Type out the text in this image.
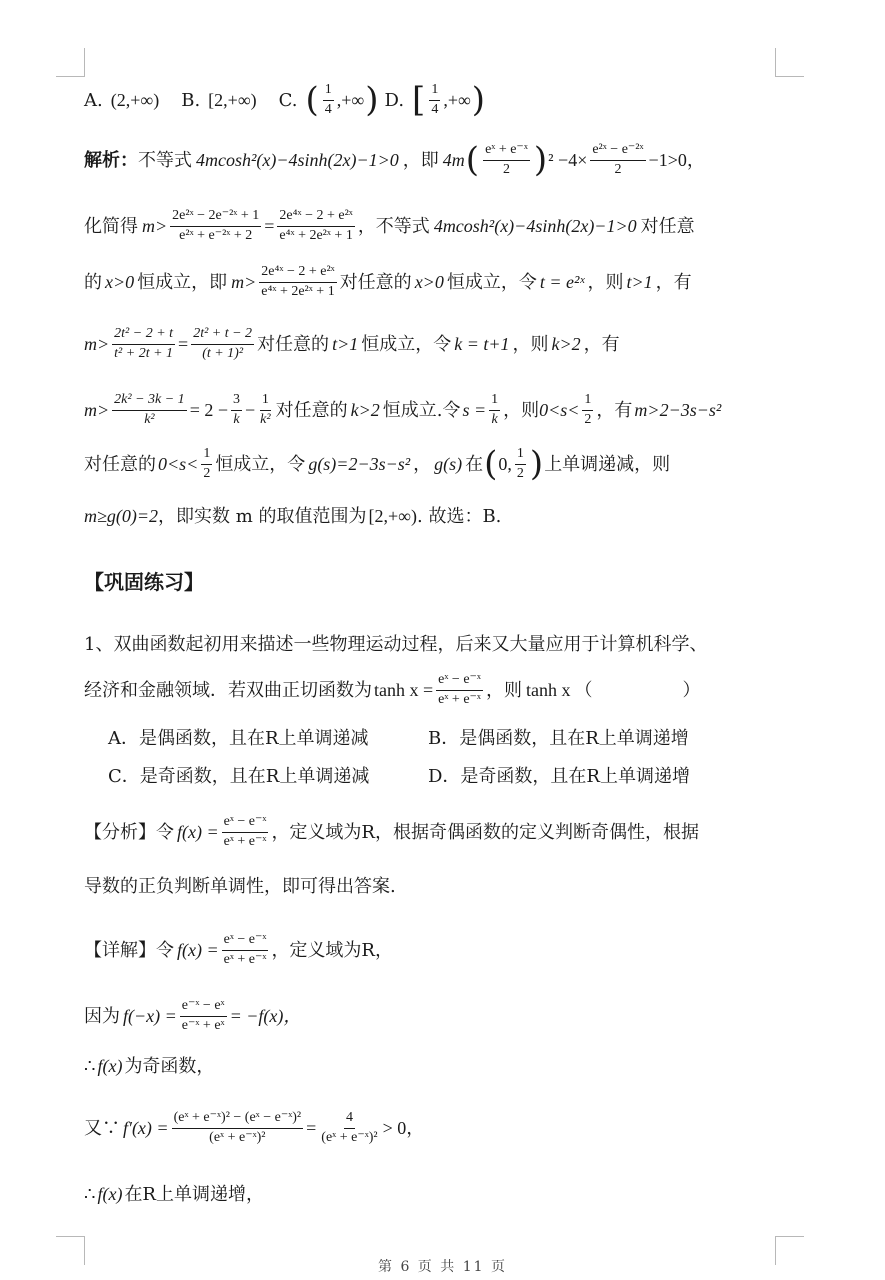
A. (2,+∞) B. [2,+∞) C. ( $\frac{1}{4}$ ,+∞ ) D. [ $\frac{1}{4}$ ,+∞ )
解析： 不等式 4mcosh²(x)−4sinh(2x)−1>0 ，即 4m ( $\frac{\text{eˣ + e⁻ˣ}}{2}$ ) $^2 -4\times \frac{\text{e²ˣ − e⁻²ˣ}}{2} -1>0$，
化简得 $m> \frac{\text{2e²ˣ − 2e⁻²ˣ + 1}}{\text{e²ˣ + e⁻²ˣ + 2}} = \frac{\text{2e⁴ˣ − 2 + e²ˣ}}{\text{e⁴ˣ + 2e²ˣ + 1}}$ ，不等式 4mcosh²(x)−4sinh(2x)−1>0 对任意
的 x>0 恒成立，即 $m> \frac{\text{2e⁴ˣ − 2 + e²ˣ}}{\text{e⁴ˣ + 2e²ˣ + 1}}$ 对任意的 x>0 恒成立，令 t = e²ˣ ，则 t>1 ，有
$m> \frac{\text{2t² − 2 + t}}{\text{t² + 2t + 1}} = \frac{\text{2t² + t − 2}}{\text{(t + 1)²}}$ 对任意的 t>1 恒成立，令 k = t+1 ，则 k>2 ，有
$m> \frac{\text{2k² − 3k − 1}}{\text{k²}} = 2 - \frac{3}{k} - \frac{1}{\text{k²}}$ 对任意的 k>2 恒成立.令 $s = \frac{1}{k}$ ，则 $0<s< \frac{1}{2}$ ，有 m>2−3s−s²
对任意的 $0<s< \frac{1}{2}$ 恒成立，令 g(s)=2−3s−s² ， g(s) 在 ( 0, $\frac{1}{2}$ ) 上单调递减，则
m≥g(0)=2 ，即实数 m 的取值范围为 [2,+∞) . 故选：B.
【巩固练习】
1、双曲函数起初用来描述一些物理运动过程，后来又大量应用于计算机科学、
经济和金融领域．若双曲正切函数为 $\tanh x = \frac{\text{eˣ − e⁻ˣ}}{\text{eˣ + e⁻ˣ}}$ ，则 tanh x （　　　　　）
A．是偶函数，且在R上单调递减	B．是偶函数，且在R上单调递增
C．是奇函数，且在R上单调递减	D．是奇函数，且在R上单调递增
【分析】令 $f(x) = \frac{\text{eˣ − e⁻ˣ}}{\text{eˣ + e⁻ˣ}}$ ，定义域为R，根据奇偶函数的定义判断奇偶性，根据
导数的正负判断单调性，即可得出答案.
【详解】令 $f(x) = \frac{\text{eˣ − e⁻ˣ}}{\text{eˣ + e⁻ˣ}}$ ，定义域为R，
因为 $f(-x) = \frac{\text{e⁻ˣ − eˣ}}{\text{e⁻ˣ + eˣ}} = -f(x)$，
∴ f(x) 为奇函数，
又∵ $f'(x) = \frac{\text{(eˣ + e⁻ˣ)² − (eˣ − e⁻ˣ)²}}{\text{(eˣ + e⁻ˣ)²}} = \frac{4}{\text{(eˣ + e⁻ˣ)²}} > 0$，
∴ f(x) 在R上单调递增，
第 6 页 共 11 页
